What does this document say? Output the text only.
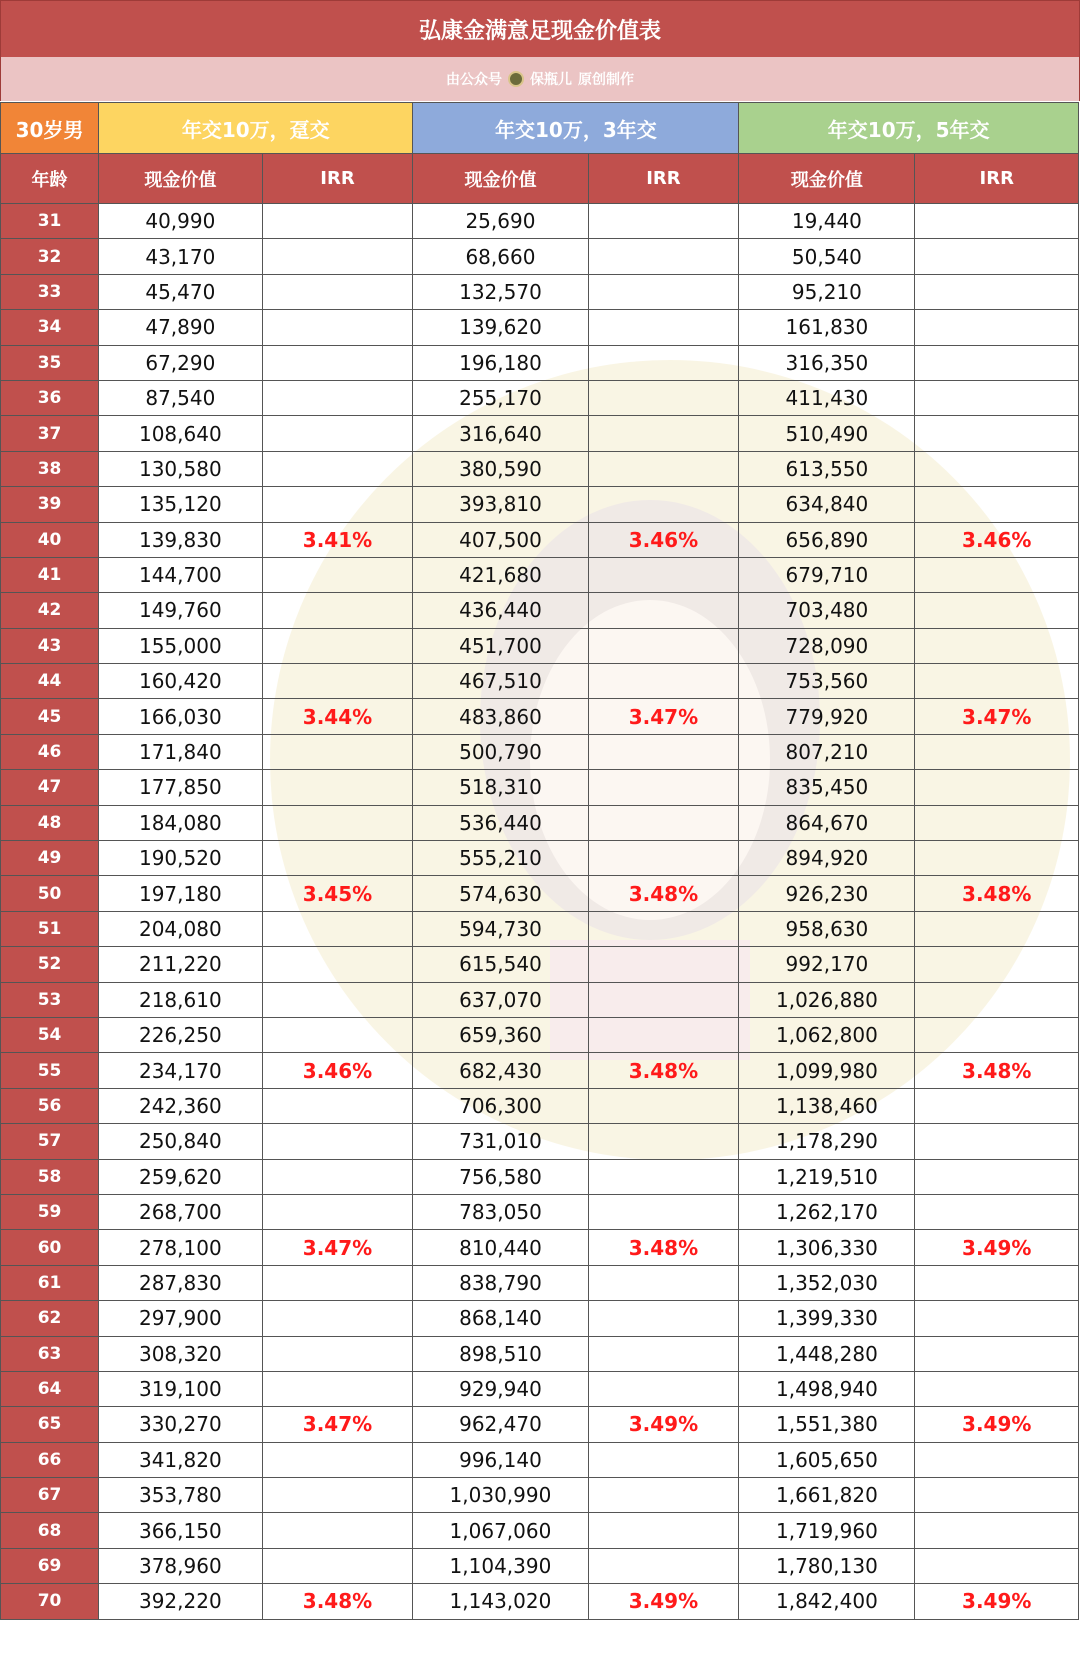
弘康金满意足现金价值表
由公众号 保瓶儿 原创制作
30岁男	年交10万，趸交		年交10万，3年交		年交10万，5年交	
年龄	现金价值	IRR	现金价值	IRR	现金价值	IRR
31	40,990		25,690		19,440	
32	43,170		68,660		50,540	
33	45,470		132,570		95,210	
34	47,890		139,620		161,830	
35	67,290		196,180		316,350	
36	87,540		255,170		411,430	
37	108,640		316,640		510,490	
38	130,580		380,590		613,550	
39	135,120		393,810		634,840	
40	139,830	3.41%	407,500	3.46%	656,890	3.46%
41	144,700		421,680		679,710	
42	149,760		436,440		703,480	
43	155,000		451,700		728,090	
44	160,420		467,510		753,560	
45	166,030	3.44%	483,860	3.47%	779,920	3.47%
46	171,840		500,790		807,210	
47	177,850		518,310		835,450	
48	184,080		536,440		864,670	
49	190,520		555,210		894,920	
50	197,180	3.45%	574,630	3.48%	926,230	3.48%
51	204,080		594,730		958,630	
52	211,220		615,540		992,170	
53	218,610		637,070		1,026,880	
54	226,250		659,360		1,062,800	
55	234,170	3.46%	682,430	3.48%	1,099,980	3.48%
56	242,360		706,300		1,138,460	
57	250,840		731,010		1,178,290	
58	259,620		756,580		1,219,510	
59	268,700		783,050		1,262,170	
60	278,100	3.47%	810,440	3.48%	1,306,330	3.49%
61	287,830		838,790		1,352,030	
62	297,900		868,140		1,399,330	
63	308,320		898,510		1,448,280	
64	319,100		929,940		1,498,940	
65	330,270	3.47%	962,470	3.49%	1,551,380	3.49%
66	341,820		996,140		1,605,650	
67	353,780		1,030,990		1,661,820	
68	366,150		1,067,060		1,719,960	
69	378,960		1,104,390		1,780,130	
70	392,220	3.48%	1,143,020	3.49%	1,842,400	3.49%
